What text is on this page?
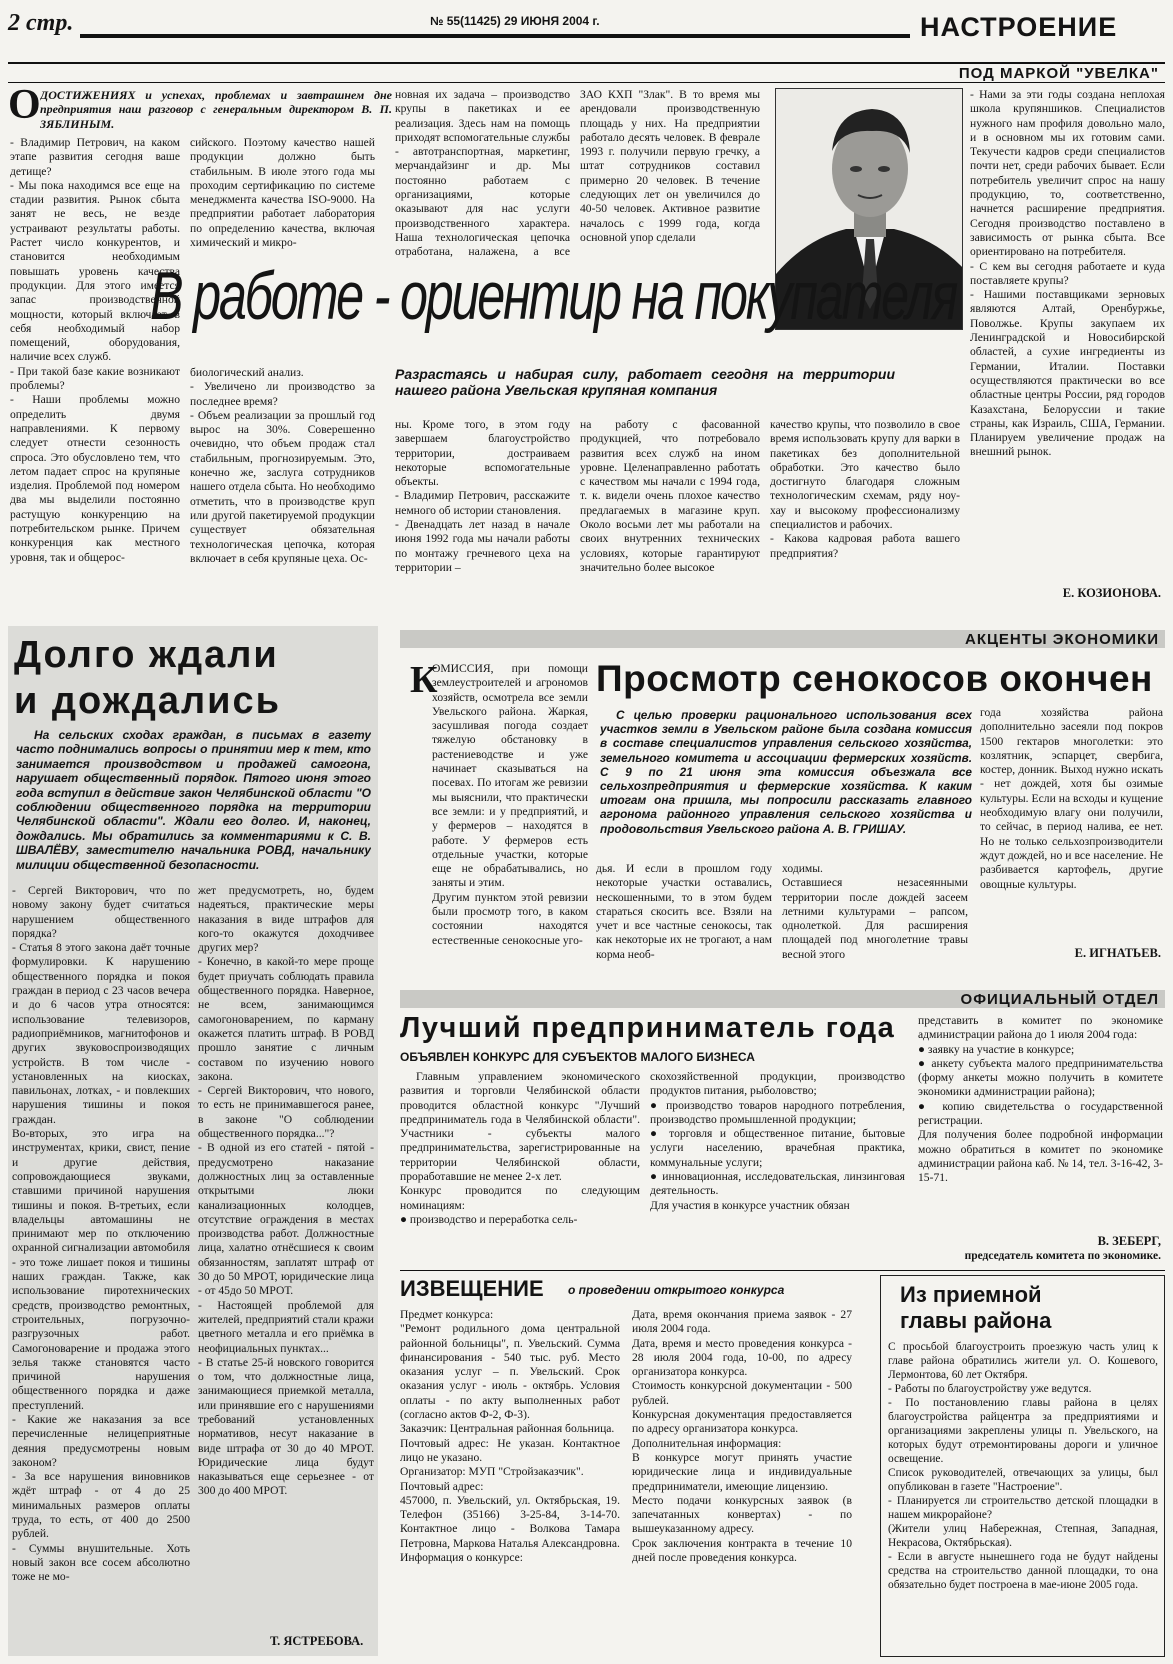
2 стр.	№ 55(11425) 29 ИЮНЯ 2004 г.	НАСТРОЕНИЕ
ПОД МАРКОЙ "УВЕЛКА"
О ДОСТИЖЕНИЯХ и успехах, проблемах и завтрашнем дне предприятия наш разговор с генеральным директором В. П. ЗЯБЛИНЫМ.
- Владимир Петрович, на каком этапе развития сегодня ваше детище?
- Мы пока находимся все еще на стадии развития. Рынок сбыта занят не весь, не везде устраивают результаты работы. Растет число конкурентов, и становится необходимым повышать уровень качества продукции. Для этого имеется запас производственной мощности, который включает в себя необходимый набор помещений, оборудования, наличие всех служб.
- При такой базе какие возникают проблемы?
- Наши проблемы можно определить двумя направлениями. К первому следует отнести сезонность спроса. Это обусловлено тем, что летом падает спрос на крупяные изделия. Проблемой под номером два мы выделили постоянно растущую конкуренцию на потребительском рынке. Причем конкуренция как местного уровня, так и общерос-
сийского. Поэтому качество нашей продукции должно быть стабильным. В июле этого года мы проходим сертификацию по системе менеджмента качества ISO-9000. На предприятии работает лаборатория по определению качества, включая химический и микро-
новная их задача – производство крупы в пакетиках и ее реализация. Здесь нам на помощь приходят вспомогательные службы - автотранспортная, маркетинг, мерчандайзинг и др. Мы постоянно работаем с организациями, которые оказывают для нас услуги производственного характера. Наша технологическая цепочка отработана, налажена, а все
ЗАО КХП "Злак". В то время мы арендовали производственную площадь у них. На предприятии работало десять человек. В феврале 1993 г. получили первую гречку, а штат сотрудников составил примерно 20 человек. В течение следующих лет он увеличился до 40-50 человек. Активное развитие началось с 1999 года, когда основной упор сделали
- Нами за эти годы создана неплохая школа крупяншиков. Специалистов нужного нам профиля довольно мало, и в основном мы их готовим сами. Текучести кадров среди специалистов почти нет, среди рабочих бывает. Если потребитель увеличит спрос на нашу продукцию, то, соответственно, начнется расширение предприятия. Сегодня производство поставлено в зависимость от рынка сбыта. Все ориентировано на потребителя.
- С кем вы сегодня работаете и куда поставляете крупы?
- Нашими поставщиками зерновых являются Алтай, Оренбуржье, Поволжье. Крупы закупаем их Ленинградской и Новосибирской областей, а сухие ингредиенты из Германии, Италии. Поставки осуществляются практически во все областные центры России, ряд городов Казахстана, Белоруссии и такие страны, как Израиль, США, Германии. Планируем увеличение продаж на внешний рынок.
В работе - ориентир на покупателя
биологический анализ.
- Увеличено ли производство за последнее время?
- Объем реализации за прошлый год вырос на 30%. Соверешенно очевидно, что объем продаж стал стабильным, прогнозируемым. Это, конечно же, заслуга сотрудников нашего отдела сбыта. Но необходимо отметить, что в производстве круп или другой пакетируемой продукции существует обязательная технологическая цепочка, которая включает в себя крупяные цеха. Ос-
Разрастаясь и набирая силу, работает сегодня на территории нашего района Увельская крупяная компания
ны. Кроме того, в этом году завершаем благоустройство территории, достраиваем некоторые вспомогательные объекты.
- Владимир Петрович, расскажите немного об истории становления.
- Двенадцать лет назад в начале июня 1992 года мы начали работы по монтажу гречневого цеха на территории –
на работу с фасованной продукцией, что потребовало развития всех служб на ином уровне. Целенаправленно работать с качеством мы начали с 1994 года, т. к. видели очень плохое качество предлагаемых в магазине круп. Около восьми лет мы работали на своих внутренних технических условиях, которые гарантируют значительно более высокое
качество крупы, что позволило в свое время использовать крупу для варки в пакетиках без дополнительной обработки. Это качество было достигнуто благодаря сложным технологическим схемам, ряду ноу-хау и высокому профессионализму специалистов и рабочих.
- Какова кадровая работа вашего предприятия?
Е. КОЗИОНОВА.
Долго ждали
и дождались
На сельских сходах граждан, в письмах в газету часто поднимались вопросы о принятии мер к тем, кто занимается производством и продажей самогона, нарушает общественный порядок. Пятого июня этого года вступил в действие закон Челябинской области "О соблюдении общественного порядка на территории Челябинской области". Ждали его долго. И, наконец, дождались. Мы обратились за комментариями к С. В. ШВАЛЁВУ, заместителю начальника РОВД, начальнику милиции общественной безопасности.
- Сергей Викторович, что по новому закону будет считаться нарушением общественного порядка?
- Статья 8 этого закона даёт точные формулировки. К нарушению общественного порядка и покоя граждан в период с 23 часов вечера и до 6 часов утра относятся: использование телевизоров, радиоприёмников, магнитофонов и других звуковоспроизводящих устройств. В том числе - установленных на киосках, павильонах, лотках, - и повлекших нарушения тишины и покоя граждан.
Во-вторых, это игра на инструментах, крики, свист, пение и другие действия, сопровождающиеся звуками, ставшими причиной нарушения тишины и покоя. В-третьих, если владельцы автомашины не принимают мер по отключению охранной сигнализации автомобиля - это тоже лишает покоя и тишины наших граждан. Также, как использование пиротехнических средств, производство ремонтных, строительных, погрузочно-разгрузочных работ. Самогоноварение и продажа этого зелья также становятся часто причиной нарушения общественного порядка и даже преступлений.
- Какие же наказания за все перечисленные нелицеприятные деяния предусмотрены новым законом?
- За все нарушения виновников ждёт штраф - от 4 до 25 минимальных размеров оплаты труда, то есть, от 400 до 2500 рублей.
- Суммы внушительные. Хоть новый закон все сосем абсолютно тоже не мо-
жет предусмотреть, но, будем надеяться, практические меры наказания в виде штрафов для кого-то окажутся доходчивее других мер?
- Конечно, в какой-то мере проще будет приучать соблюдать правила общественного порядка. Наверное, не всем, занимающимся самогоноварением, по карману окажется платить штраф. В РОВД прошло занятие с личным составом по изучению нового закона.
- Сергей Викторович, что нового, то есть не принимавшегося ранее, в законе "О соблюдении общественного порядка..."?
- В одной из его статей - пятой - предусмотрено наказание должностных лиц за оставленные открытыми люки канализационных колодцев, отсутствие ограждения в местах производства работ. Должностные лица, халатно отнёсшиеся к своим обязанностям, заплатят штраф от 30 до 50 МРОТ, юридические лица - от 45до 50 МРОТ.
- Настоящей проблемой для жителей, предприятий стали кражи цветного металла и его приёмка в неофициальных пунктах...
- В статье 25-й новского говорится о том, что должностные лица, занимающиеся приемкой металла, или принявшие его с нарушениями требований установленных нормативов, несут наказание в виде штрафа от 30 до 40 МРОТ. Юридические лица будут наказываться еще серьезнее - от 300 до 400 МРОТ.
Т. ЯСТРЕБОВА.
АКЦЕНТЫ ЭКОНОМИКИ
К
ОМИССИЯ, при помощи землеустроителей и агрономов хозяйств, осмотрела все земли Увельского района. Жаркая, засушливая погода создает тяжелую обстановку в растениеводстве и уже начинает сказываться на посевах. По итогам же ревизии мы выяснили, что практически все земли: и у предприятий, и у фермеров – находятся в работе. У фермеров есть отдельные участки, которые еще не обрабатывались, но заняты и этим.
Другим пунктом этой ревизии были просмотр того, в каком состоянии находятся естественные сенокосные уго-
Просмотр сенокосов окончен
С целью проверки рационального использования всех участков земли в Увельском районе была создана комиссия в составе специалистов управления сельского хозяйства, земельного комитета и ассоциации фермерских хозяйств. С 9 по 21 июня эта комиссия объезжала все сельхозпредприятия и фермерские хозяйства. К каким итогам она пришла, мы попросили рассказать главного агронома районного управления сельского хозяйства и продовольствия Увельского района А. В. ГРИШАУ.
дья. И если в прошлом году некоторые участки оставались, нескошенными, то в этом будем стараться скосить все. Взяли на учет и все частные сенокосы, так как некоторые их не трогают, а нам корма необ-
ходимы.
Оставшиеся незасеянными территории после дождей засеем летними культурами – рапсом, однолеткой. Для расширения площадей под многолетние травы весной этого
года хозяйства района дополнительно засеяли под покров 1500 гектаров многолетки: это козлятник, эспарцет, свербига, костер, донник. Выход нужно искать - нет дождей, хотя бы озимые культуры. Если на всходы и кущение необходимую влагу они получили, то сейчас, в период налива, ее нет. Но не только сельхозпроизводители ждут дождей, но и все население. Не разбивается картофель, другие овощные культуры.
Е. ИГНАТЬЕВ.
ОФИЦИАЛЬНЫЙ ОТДЕЛ
Лучший предприниматель года
ОБЪЯВЛЕН КОНКУРС ДЛЯ СУБЪЕКТОВ МАЛОГО БИЗНЕСА
Главным управлением экономического развития и торговли Челябинской области проводится областной конкурс "Лучший предприниматель года в Челябинской области". Участники - субъекты малого предпринимательства, зарегистрированные на территории Челябинской области, проработавшие не менее 2-х лет.
Конкурс проводится по следующим номинациям:
● производство и переработка сель-
скохозяйственной продукции, производство продуктов питания, рыболовство;
● производство товаров народного потребления, производство промышленной продукции;
● торговля и общественное питание, бытовые услуги населению, врачебная практика, коммунальные услуги;
● инновационная, исследовательская, линзинговая деятельность.
Для участия в конкурсе участник обязан
представить в комитет по экономике администрации района до 1 июля 2004 года:
● заявку на участие в конкурсе;
● анкету субъекта малого предпринимательства (форму анкеты можно получить в комитете экономики администрации района);
● копию свидетельства о государственной регистрации.
Для получения более подробной информации можно обратиться в комитет по экономике администрации района каб. № 14, тел. 3-16-42, 3-15-71.
В. ЗЕБЕРГ,
председатель комитета по экономике.
ИЗВЕЩЕНИЕ о проведении открытого конкурса
Предмет конкурса:
"Ремонт родильного дома центральной районной больницы", п. Увельский. Сумма финансирования - 540 тыс. руб. Место оказания услуг – п. Увельский. Срок оказания услуг - июль - октябрь. Условия оплаты - по акту выполненных работ (согласно актов Ф-2, Ф-3).
Заказчик: Центральная районная больница.
Почтовый адрес: Не указан. Контактное лицо не указано.
Организатор: МУП "Стройзаказчик".
Почтовый адрес:
457000, п. Увельский, ул. Октябрьская, 19. Телефон (35166) 3-25-84, 3-14-70. Контактное лицо - Волкова Тамара Петровна, Маркова Наталья Александровна.
Информация о конкурсе:
Дата, время окончания приема заявок - 27 июля 2004 года.
Дата, время и место проведения конкурса - 28 июля 2004 года, 10-00, по адресу организатора конкурса.
Стоимость конкурсной документации - 500 рублей.
Конкурсная документация предоставляется по адресу организатора конкурса.
Дополнительная информация:
В конкурсе могут принять участие юридические лица и индивидуальные предприниматели, имеющие лицензию.
Место подачи конкурсных заявок (в запечатанных конвертах) - по вышеуказанному адресу.
Срок заключения контракта в течение 10 дней после проведения конкурса.
Из приемной
главы района
С просьбой благоустроить проезжую часть улиц к главе района обратились жители ул. О. Кошевого, Лермонтова, 60 лет Октября.
- Работы по благоустройству уже ведутся.
- По постановлению главы района в целях благоустройства райцентра за предприятиями и организациями закреплены улицы п. Увельского, на которых будут отремонтированы дороги и уличное освещение.
Список руководителей, отвечающих за улицы, был опубликован в газете "Настроение".
- Планируется ли строительство детской площадки в нашем микрорайоне?
(Жители улиц Набережная, Степная, Западная, Некрасова, Октябрьская).
- Если в августе нынешнего года не будут найдены средства на строительство данной площадки, то она обязательно будет построена в мае-июне 2005 года.
